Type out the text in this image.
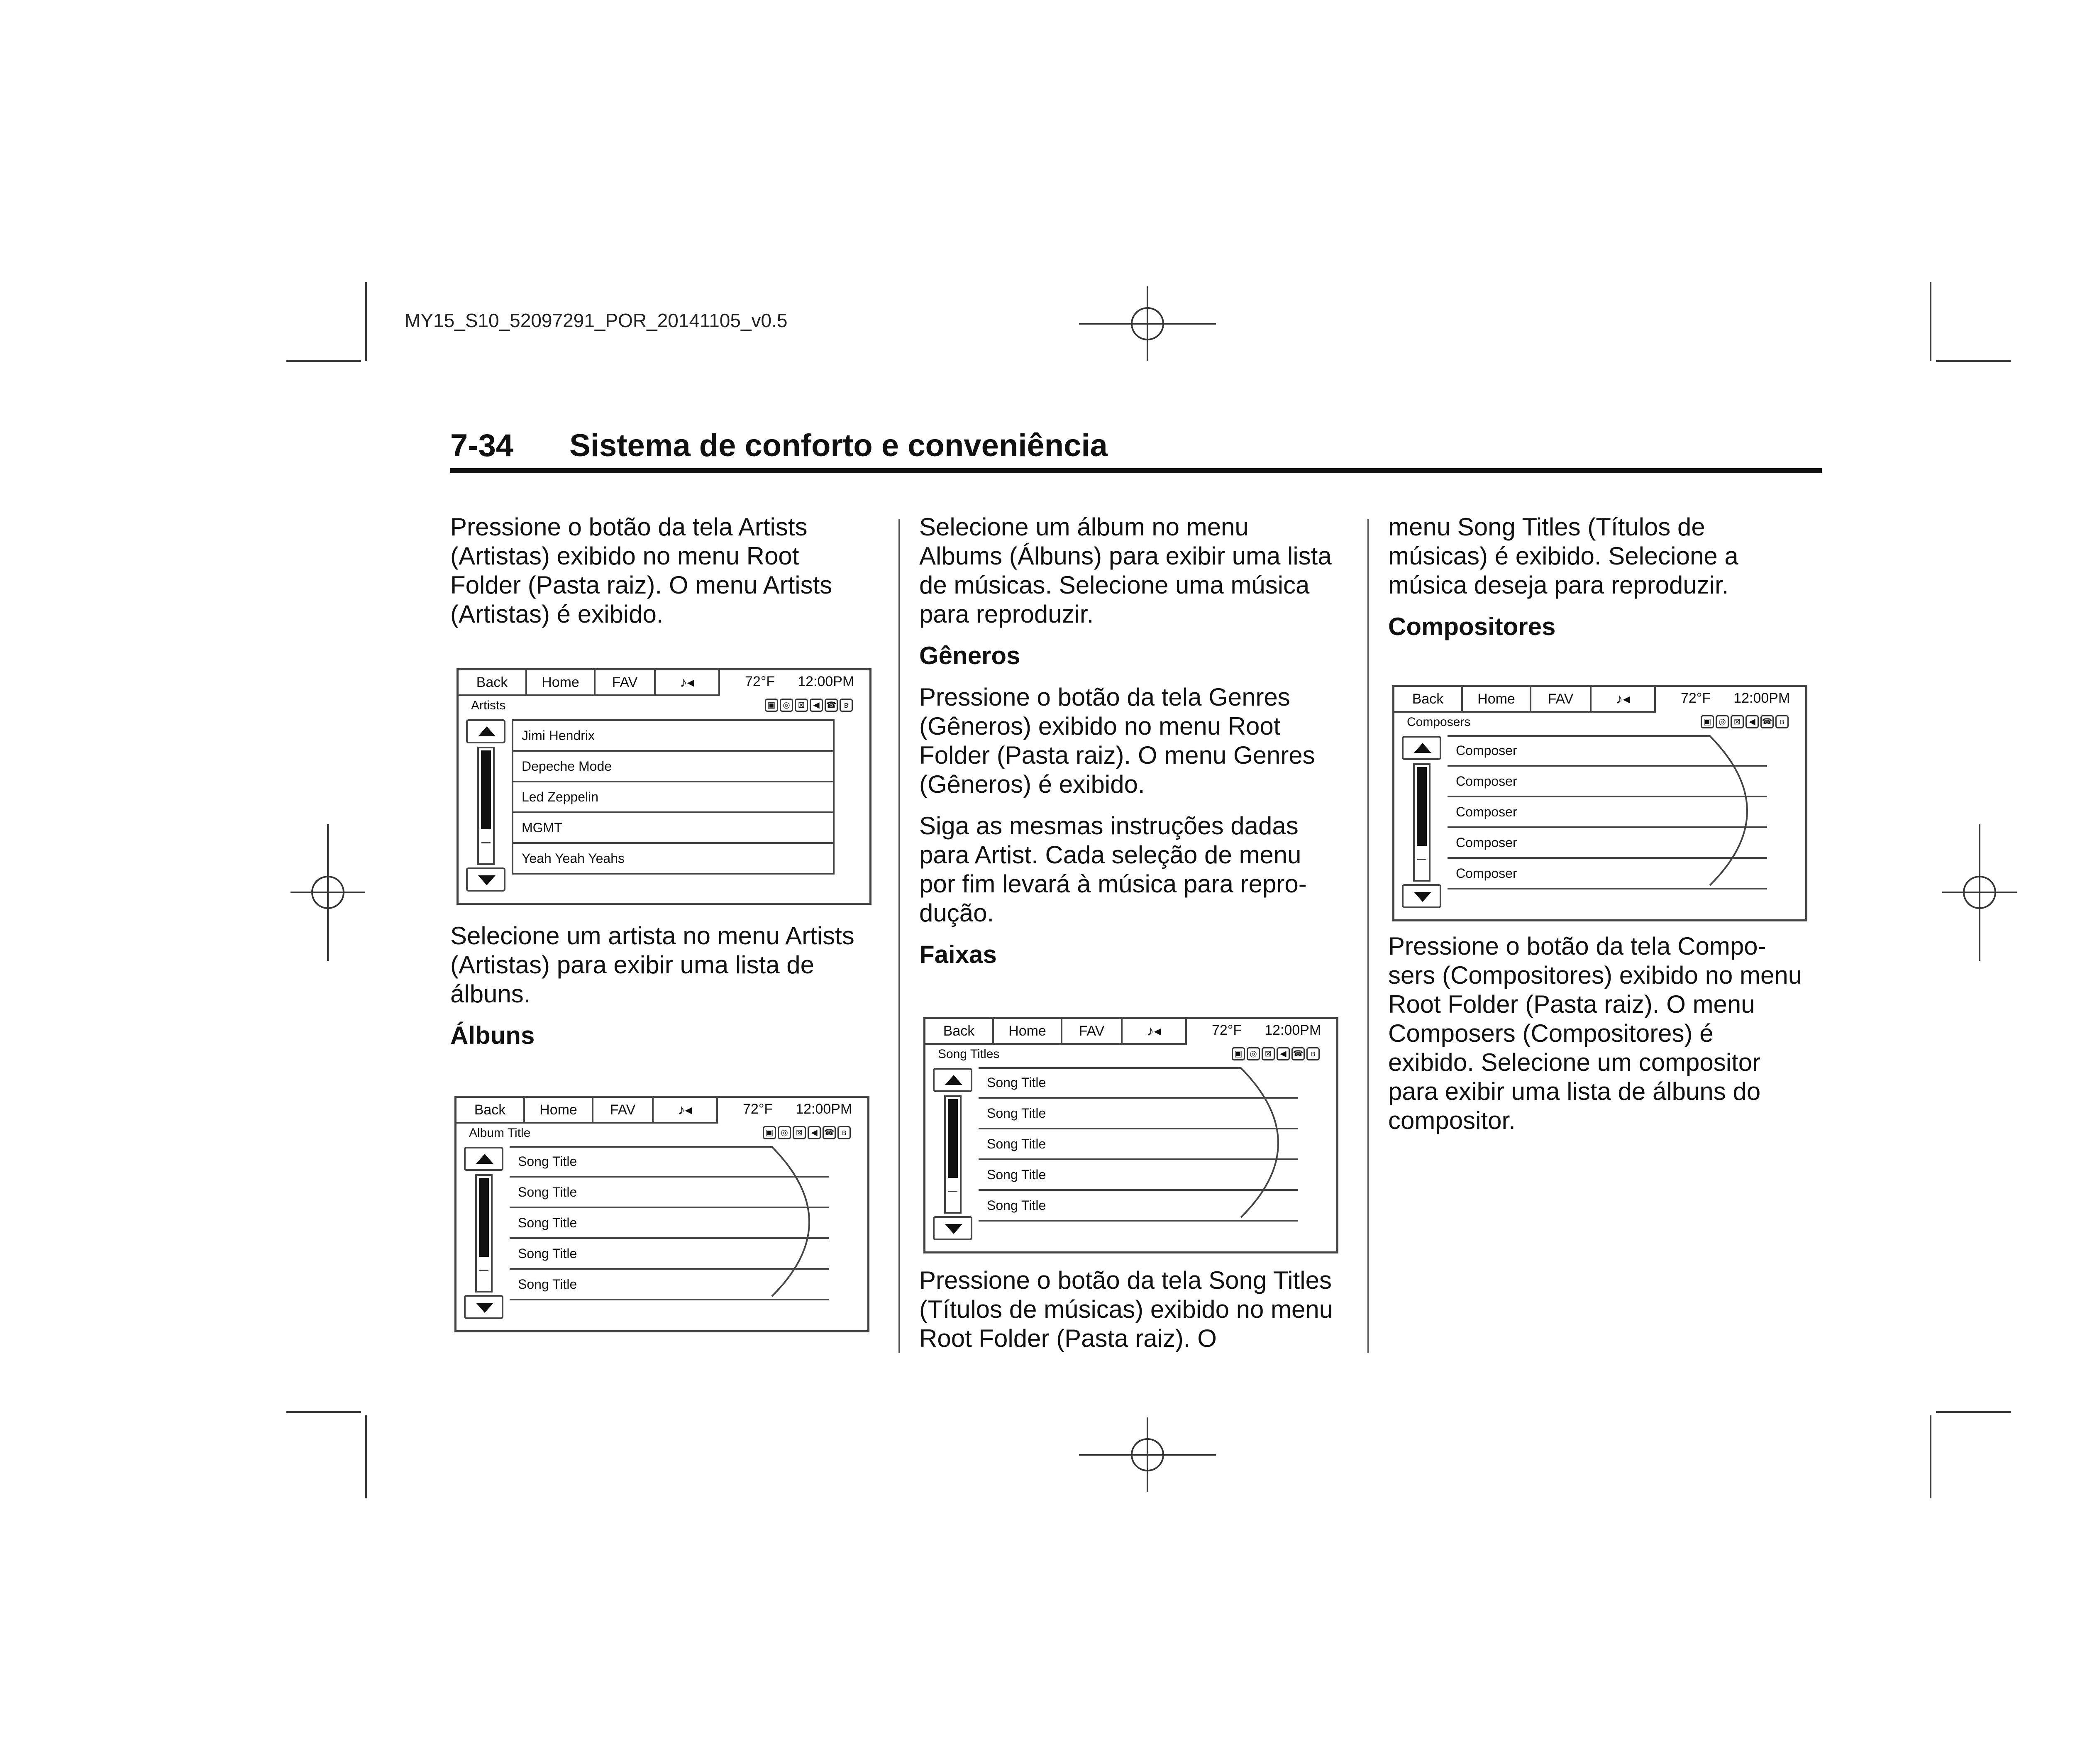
MY15_S10_52097291_POR_20141105_v0.5
7-34 Sistema de conforto e conveniência

Pressione o botão da tela Artists (Artistas) exibido no menu Root Folder (Pasta raiz). O menu Artists (Artistas) é exibido.

Back	Home	FAV	♪◂	72°F 12:00PM
Artists	▣ ◎ ⊠ ◀ ☎ ʙ
Jimi Hendrix
Depeche Mode
Led Zeppelin
MGMT
Yeah Yeah Yeahs

Selecione um artista no menu Artists (Artistas) para exibir uma lista de álbuns.

Álbuns

Back	Home	FAV	♪◂	72°F 12:00PM
Album Title	▣ ◎ ⊠ ◀ ☎ ʙ
Song Title
Song Title
Song Title
Song Title
Song Title

Selecione um álbum no menu Albums (Álbuns) para exibir uma lista de músicas. Selecione uma música para reproduzir.

Gêneros

Pressione o botão da tela Genres (Gêneros) exibido no menu Root Folder (Pasta raiz). O menu Genres (Gêneros) é exibido.

Siga as mesmas instruções dadas para Artist. Cada seleção de menu por fim levará à música para repro-dução.

Faixas

Back	Home	FAV	♪◂	72°F 12:00PM
Song Titles	▣ ◎ ⊠ ◀ ☎ ʙ
Song Title
Song Title
Song Title
Song Title
Song Title

Pressione o botão da tela Song Titles (Títulos de músicas) exibido no menu Root Folder (Pasta raiz). O

menu Song Titles (Títulos de músicas) é exibido. Selecione a música deseja para reproduzir.

Compositores

Back	Home	FAV	♪◂	72°F 12:00PM
Composers	▣ ◎ ⊠ ◀ ☎ ʙ
Composer
Composer
Composer
Composer
Composer

Pressione o botão da tela Compo-sers (Compositores) exibido no menu Root Folder (Pasta raiz). O menu Composers (Compositores) é exibido. Selecione um compositor para exibir uma lista de álbuns do compositor.
